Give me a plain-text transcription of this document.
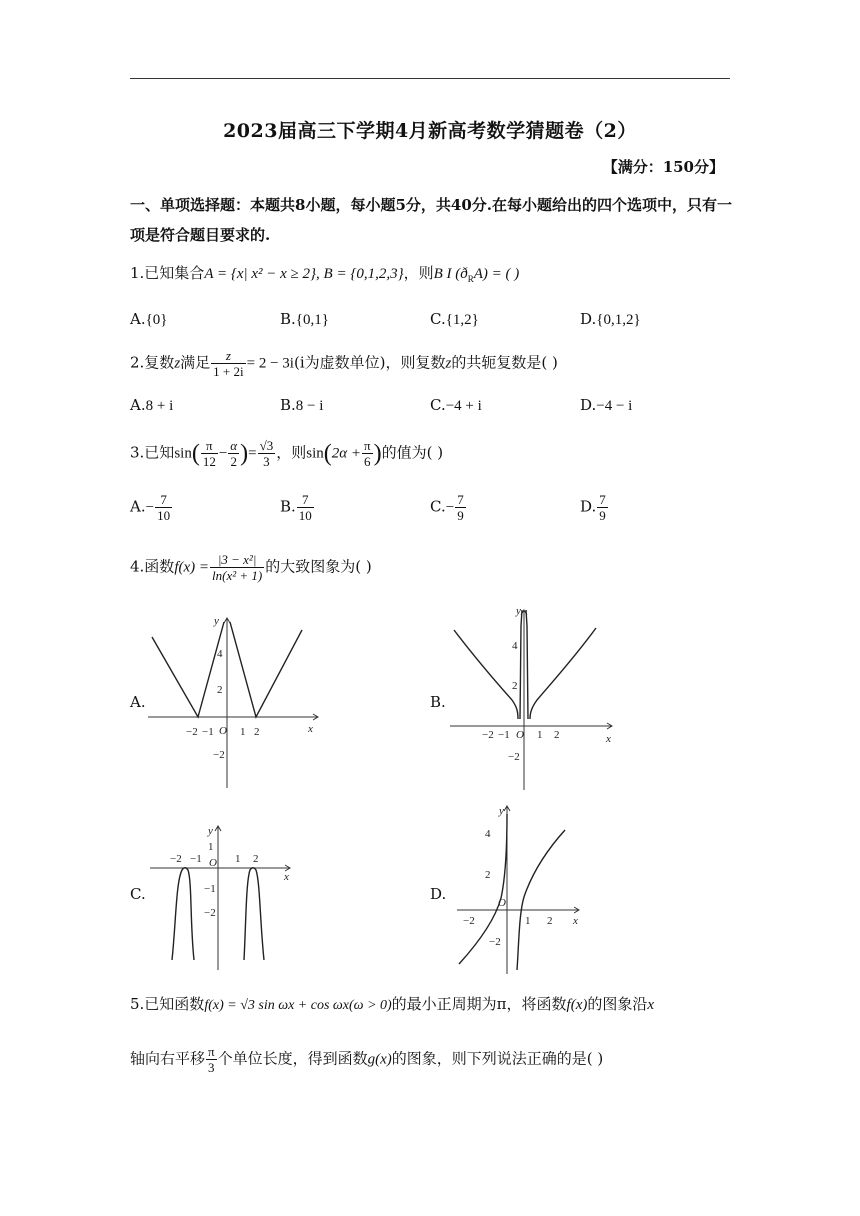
2023届高三下学期4月新高考数学猜题卷（2）
【满分：150分】
一、单项选择题：本题共8小题，每小题5分，共40分.在每小题给出的四个选项中，只有一项是符合题目要求的.
1.已知集合A = {x| x² − x ≥ 2}, B = {0,1,2,3}，则B I $(ð_RA)$ = ( )
A.{0}	B.{0,1}	C.{1,2}	D.{0,1,2}
2.复数z满足 $\frac{z}{1 + 2i} = 2 - 3i(i$为虚数单位)，则复数z的共轭复数是( )
A.8 + i	B.8 − i	C.−4 + i	D.−4 − i
3.已知$\sin( \frac{\pi}{12} - \frac{\alpha}{2}$ )= $\frac{√3}{3}$ ，则$\sin(2\alpha + \frac{\pi}{6}$ )的值为( )
$A.- \frac{7}{10}$	B. $\frac{7}{10}$	$C.- \frac{7}{9}$	D. $\frac{7}{9}$
4.函数$f(x) = \frac{\text{|3 − x²|}}{\text{ln(x² + 1)}}$ 的大致图象为( )
A.	B.
C.	D.
y
x
O
4
2
−2
−2 −1 1 2
y
x
O
4
2
−2
−2 −1 1 2
y
x
O
1
−1
−2
−2 −1	1 2
y
x
O
4
2
−2
−2	1 2
5.已知函数f(x) = √3 sin ωx + cos ωx(ω > 0)的最小正周期为π，将函数f(x)的图象沿x
轴向右平移 $\frac{\pi}{3}$ 个单位长度，得到函数g(x)的图象，则下列说法正确的是( )
